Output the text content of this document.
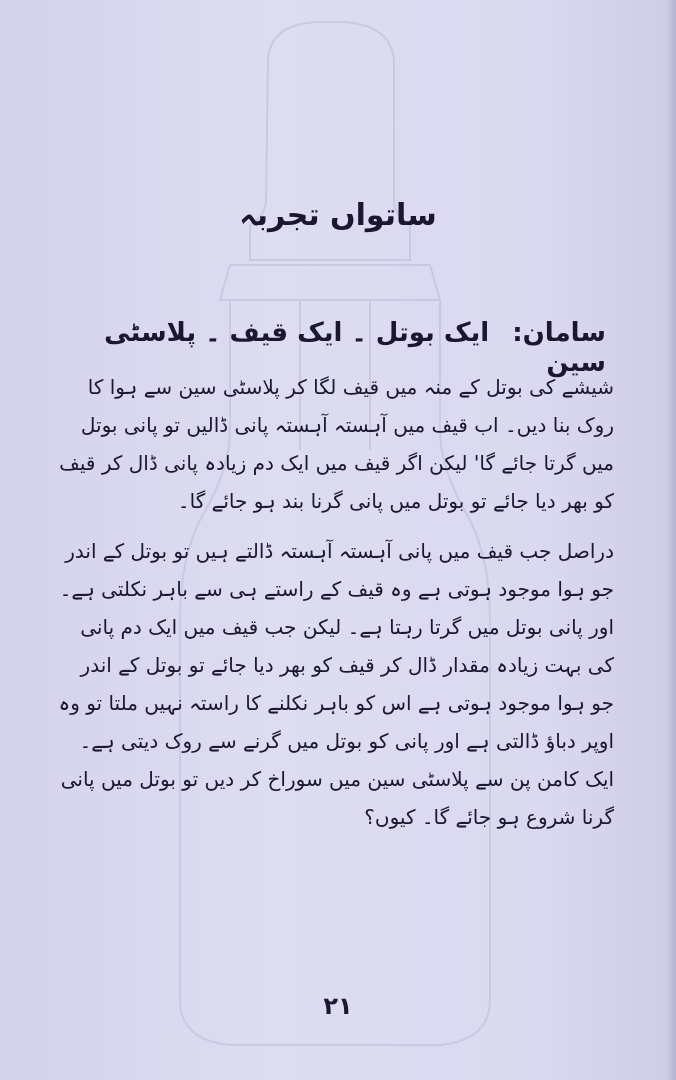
ساتواں تجربہ
سامان: ایک بوتل ۔ ایک قیف ۔ پلاسٹی سین

شیشے کی بوتل کے منہ میں قیف لگا کر پلاسٹی سین سے ہوا کا روک بنا دیں۔ اب قیف میں آہستہ آہستہ پانی ڈالیں تو پانی بوتل میں گرتا جائے گا' لیکن اگر قیف میں ایک دم زیادہ پانی ڈال کر قیف کو بھر دیا جائے تو بوتل میں پانی گرنا بند ہو جائے گا۔

دراصل جب قیف میں پانی آہستہ آہستہ ڈالتے ہیں تو بوتل کے اندر جو ہوا موجود ہوتی ہے وہ قیف کے راستے ہی سے باہر نکلتی ہے۔ اور پانی بوتل میں گرتا رہتا ہے۔ لیکن جب قیف میں ایک دم پانی کی بہت زیادہ مقدار ڈال کر قیف کو بھر دیا جائے تو بوتل کے اندر جو ہوا موجود ہوتی ہے اس کو باہر نکلنے کا راستہ نہیں ملتا تو وہ اوپر دباؤ ڈالتی ہے اور پانی کو بوتل میں گرنے سے روک دیتی ہے۔

ایک کامن پن سے پلاسٹی سین میں سوراخ کر دیں تو بوتل میں پانی گرنا شروع ہو جائے گا۔ کیوں؟

۲۱
